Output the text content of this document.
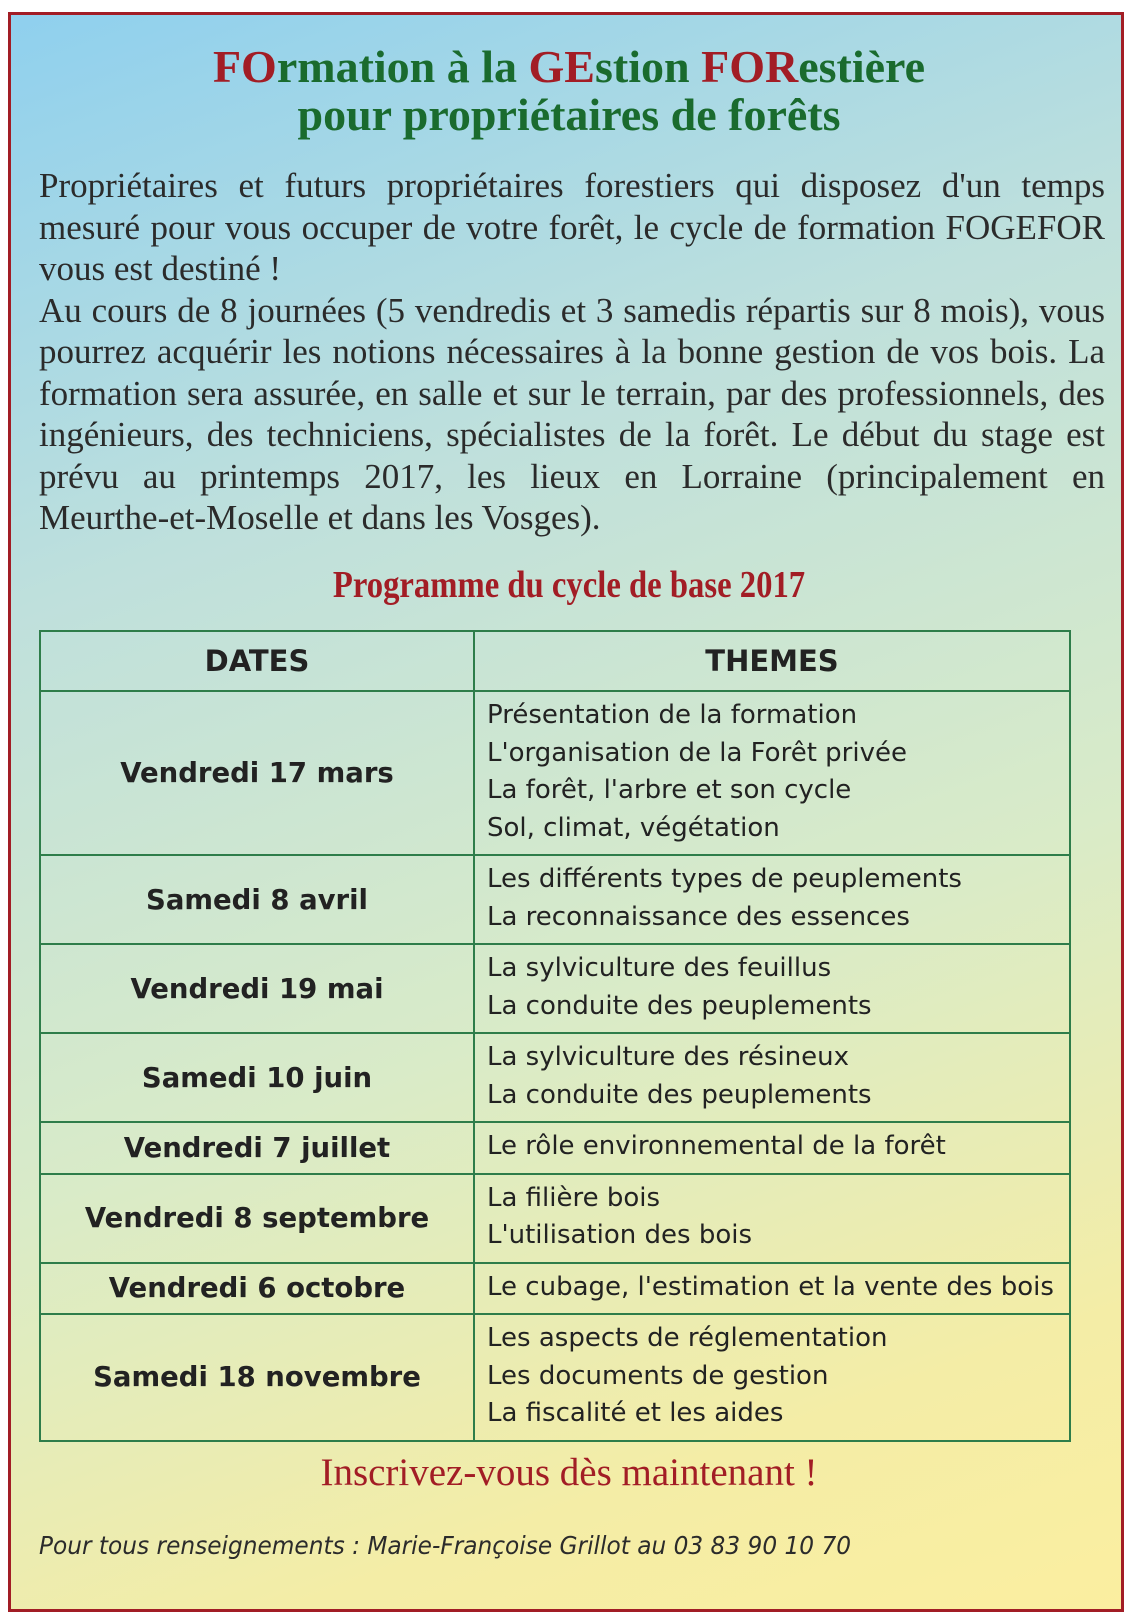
FOrmation à la GEstion FORestière
pour propriétaires de forêts

Propriétaires et futurs propriétaires forestiers qui disposez d'un temps mesuré pour vous occuper de votre forêt, le cycle de formation FOGEFOR vous est destiné !

Au cours de 8 journées (5 vendredis et 3 samedis répartis sur 8 mois), vous pourrez acquérir les notions nécessaires à la bonne gestion de vos bois. La formation sera assurée, en salle et sur le terrain, par des professionnels, des ingénieurs, des techniciens, spécialistes de la forêt. Le début du stage est prévu au printemps 2017, les lieux en Lorraine (principalement en Meurthe-et-Moselle et dans les Vosges).

Programme du cycle de base 2017
DATES	THEMES
Vendredi 17 mars	Présentation de la formation
L'organisation de la Forêt privée
La forêt, l'arbre et son cycle
Sol, climat, végétation

Samedi 8 avril	Les différents types de peuplements
La reconnaissance des essences

Vendredi 19 mai	La sylviculture des feuillus
La conduite des peuplements

Samedi 10 juin	La sylviculture des résineux
La conduite des peuplements

Vendredi 7 juillet	Le rôle environnemental de la forêt

Vendredi 8 septembre	La filière bois
L'utilisation des bois

Vendredi 6 octobre	Le cubage, l'estimation et la vente des bois

Samedi 18 novembre	Les aspects de réglementation
Les documents de gestion
La fiscalité et les aides
Inscrivez-vous dès maintenant !
Pour tous renseignements : Marie-Françoise Grillot au 03 83 90 10 70
